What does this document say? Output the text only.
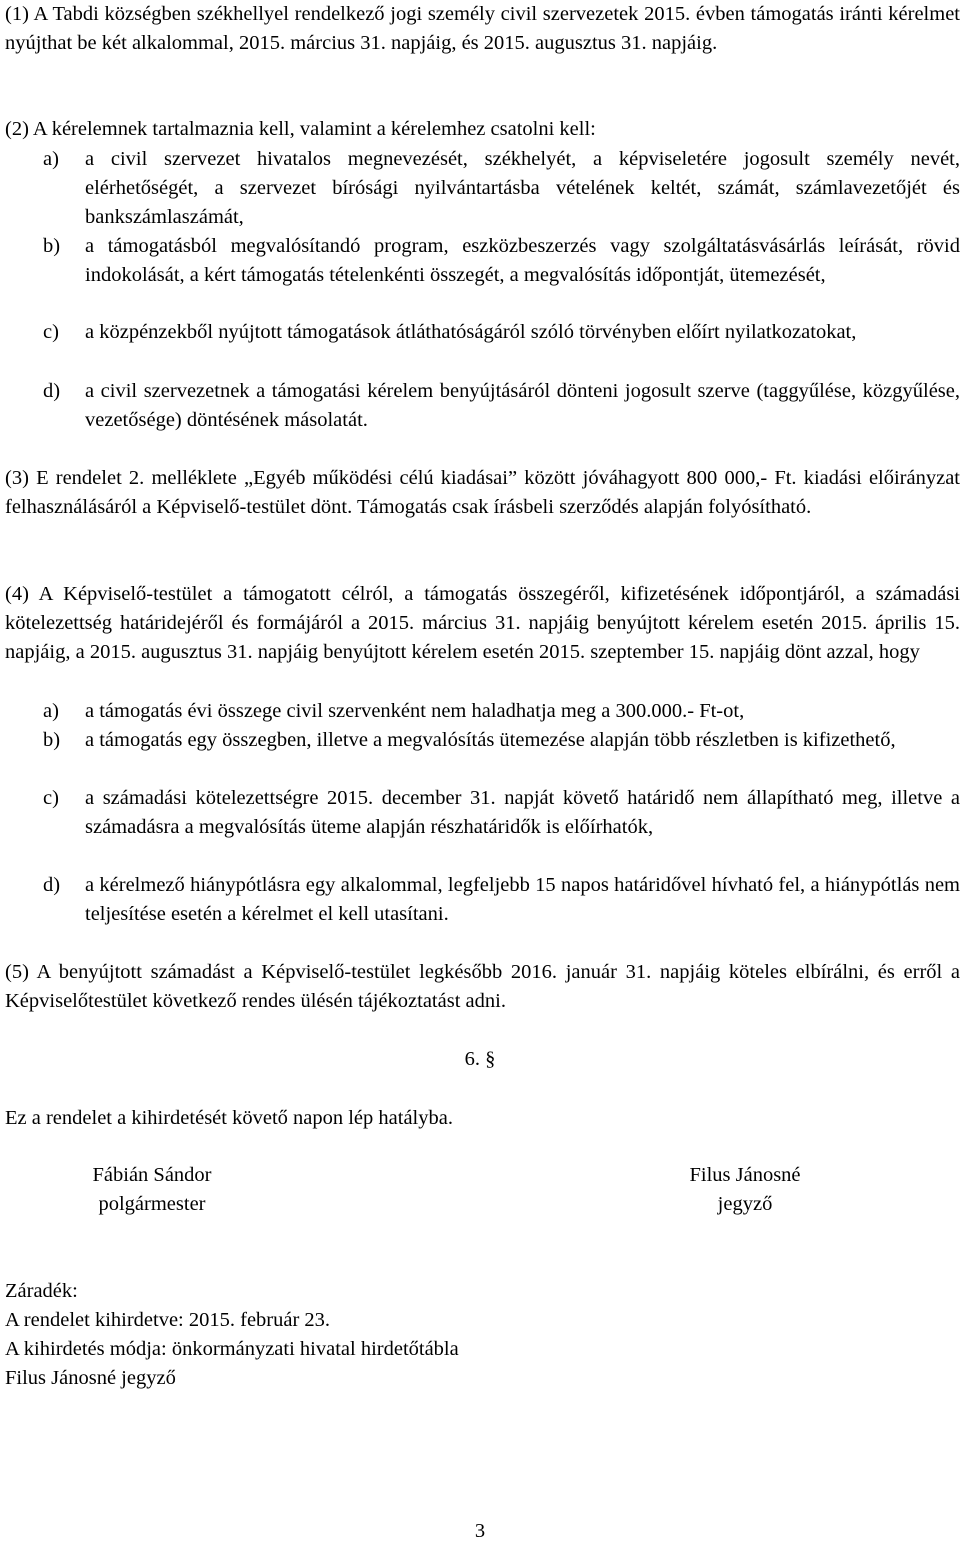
(1) A Tabdi községben székhellyel rendelkező jogi személy civil szervezetek 2015. évben támogatás iránti kérelmet nyújthat be két alkalommal, 2015. március 31. napjáig, és 2015. augusztus 31. napjáig.

(2) A kérelemnek tartalmaznia kell, valamint a kérelemhez csatolni kell:

a) a civil szervezet hivatalos megnevezését, székhelyét, a képviseletére jogosult személy nevét, elérhetőségét, a szervezet bírósági nyilvántartásba vételének keltét, számát, számlavezetőjét és bankszámlaszámát,
b) a támogatásból megvalósítandó program, eszközbeszerzés vagy szolgáltatásvásárlás leírását, rövid indokolását, a kért támogatás tételenkénti összegét, a megvalósítás időpontját, ütemezését,
c) a közpénzekből nyújtott támogatások átláthatóságáról szóló törvényben előírt nyilatkozatokat,
d) a civil szervezetnek a támogatási kérelem benyújtásáról dönteni jogosult szerve (taggyűlése, közgyűlése, vezetősége) döntésének másolatát.

(3) E rendelet 2. melléklete „Egyéb működési célú kiadásai” között jóváhagyott 800 000,- Ft. kiadási előirányzat felhasználásáról a Képviselő-testület dönt. Támogatás csak írásbeli szerződés alapján folyósítható.

(4) A Képviselő-testület a támogatott célról, a támogatás összegéről, kifizetésének időpontjáról, a számadási kötelezettség határidejéről és formájáról a 2015. március 31. napjáig benyújtott kérelem esetén 2015. április 15. napjáig, a 2015. augusztus 31. napjáig benyújtott kérelem esetén 2015. szeptember 15. napjáig dönt azzal, hogy

a) a támogatás évi összege civil szervenként nem haladhatja meg a 300.000.- Ft-ot,
b) a támogatás egy összegben, illetve a megvalósítás ütemezése alapján több részletben is kifizethető,
c) a számadási kötelezettségre 2015. december 31. napját követő határidő nem állapítható meg, illetve a számadásra a megvalósítás üteme alapján részhatáridők is előírhatók,
d) a kérelmező hiánypótlásra egy alkalommal, legfeljebb 15 napos határidővel hívható fel, a hiánypótlás nem teljesítése esetén a kérelmet el kell utasítani.

(5) A benyújtott számadást a Képviselő-testület legkésőbb 2016. január 31. napjáig köteles elbírálni, és erről a Képviselőtestület következő rendes ülésén tájékoztatást adni.

6. §

Ez a rendelet a kihirdetését követő napon lép hatályba.

Fábián Sándor
polgármester
Filus Jánosné
jegyző
Záradék:
A rendelet kihirdetve: 2015. február 23.
A kihirdetés módja: önkormányzati hivatal hirdetőtábla
Filus Jánosné jegyző
3
